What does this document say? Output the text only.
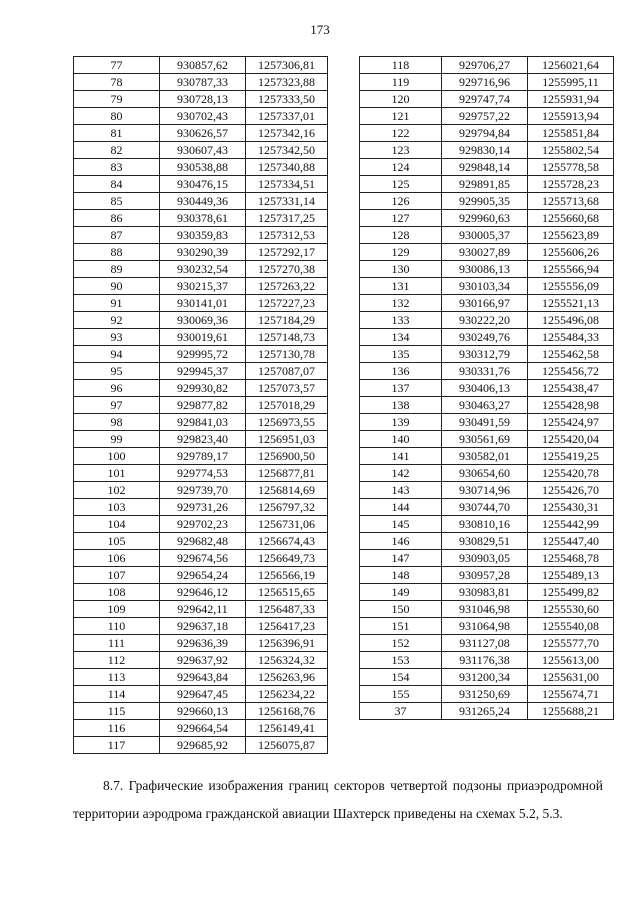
173
77	930857,62	1257306,81
78	930787,33	1257323,88
79	930728,13	1257333,50
80	930702,43	1257337,01
81	930626,57	1257342,16
82	930607,43	1257342,50
83	930538,88	1257340,88
84	930476,15	1257334,51
85	930449,36	1257331,14
86	930378,61	1257317,25
87	930359,83	1257312,53
88	930290,39	1257292,17
89	930232,54	1257270,38
90	930215,37	1257263,22
91	930141,01	1257227,23
92	930069,36	1257184,29
93	930019,61	1257148,73
94	929995,72	1257130,78
95	929945,37	1257087,07
96	929930,82	1257073,57
97	929877,82	1257018,29
98	929841,03	1256973,55
99	929823,40	1256951,03
100	929789,17	1256900,50
101	929774,53	1256877,81
102	929739,70	1256814,69
103	929731,26	1256797,32
104	929702,23	1256731,06
105	929682,48	1256674,43
106	929674,56	1256649,73
107	929654,24	1256566,19
108	929646,12	1256515,65
109	929642,11	1256487,33
110	929637,18	1256417,23
111	929636,39	1256396,91
112	929637,92	1256324,32
113	929643,84	1256263,96
114	929647,45	1256234,22
115	929660,13	1256168,76
116	929664,54	1256149,41
117	929685,92	1256075,87
118	929706,27	1256021,64
119	929716,96	1255995,11
120	929747,74	1255931,94
121	929757,22	1255913,94
122	929794,84	1255851,84
123	929830,14	1255802,54
124	929848,14	1255778,58
125	929891,85	1255728,23
126	929905,35	1255713,68
127	929960,63	1255660,68
128	930005,37	1255623,89
129	930027,89	1255606,26
130	930086,13	1255566,94
131	930103,34	1255556,09
132	930166,97	1255521,13
133	930222,20	1255496,08
134	930249,76	1255484,33
135	930312,79	1255462,58
136	930331,76	1255456,72
137	930406,13	1255438,47
138	930463,27	1255428,98
139	930491,59	1255424,97
140	930561,69	1255420,04
141	930582,01	1255419,25
142	930654,60	1255420,78
143	930714,96	1255426,70
144	930744,70	1255430,31
145	930810,16	1255442,99
146	930829,51	1255447,40
147	930903,05	1255468,78
148	930957,28	1255489,13
149	930983,81	1255499,82
150	931046,98	1255530,60
151	931064,98	1255540,08
152	931127,08	1255577,70
153	931176,38	1255613,00
154	931200,34	1255631,00
155	931250,69	1255674,71
37	931265,24	1255688,21
8.7. Графические изображения границ секторов четвертой подзоны приаэродромной территории аэродрома гражданской авиации Шахтерск приведены на схемах 5.2, 5.3.
